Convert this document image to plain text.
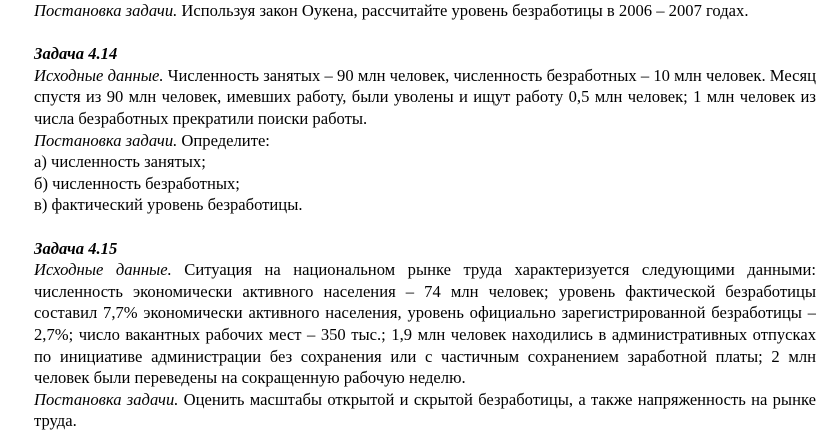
Постановка задачи. Используя закон Оукена, рассчитайте уровень безработицы в 2006 – 2007 годах.

Задача 4.14

Исходные данные. Численность занятых – 90 млн человек, численность безработных – 10 млн человек. Месяц спустя из 90 млн человек, имевших работу, были уволены и ищут работу 0,5 млн человек; 1 млн человек из числа безработных прекратили поиски работы.

Постановка задачи. Определите:

а) численность занятых;

б) численность безработных;

в) фактический уровень безработицы.

Задача 4.15

Исходные данные. Ситуация на национальном рынке труда характеризуется следующими данными: численность экономически активного населения – 74 млн человек; уровень фактической безработицы составил 7,7% экономически активного населения, уровень официально зарегистрированной безработицы – 2,7%; число вакантных рабочих мест – 350 тыс.; 1,9 млн человек находились в административных отпусках по инициативе администрации без сохранения или с частичным сохранением заработной платы; 2 млн человек были переведены на сокращенную рабочую неделю.

Постановка задачи. Оценить масштабы открытой и скрытой безработицы, а также напряженность на рынке труда.
